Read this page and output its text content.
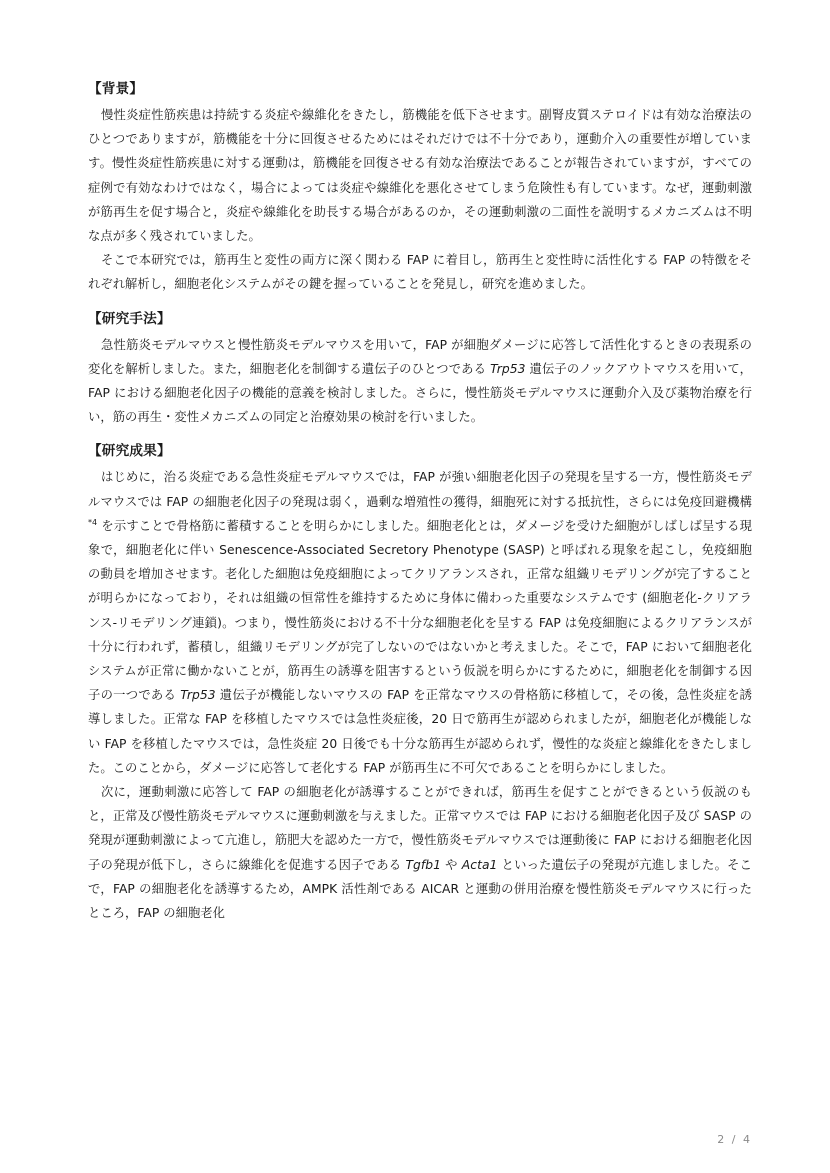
【背景】

慢性炎症性筋疾患は持続する炎症や線維化をきたし，筋機能を低下させます。副腎皮質ステロイドは有効な治療法のひとつでありますが，筋機能を十分に回復させるためにはそれだけでは不十分であり，運動介入の重要性が増しています。慢性炎症性筋疾患に対する運動は，筋機能を回復させる有効な治療法であることが報告されていますが，すべての症例で有効なわけではなく，場合によっては炎症や線維化を悪化させてしまう危険性も有しています。なぜ，運動刺激が筋再生を促す場合と，炎症や線維化を助長する場合があるのか，その運動刺激の二面性を説明するメカニズムは不明な点が多く残されていました。

そこで本研究では，筋再生と変性の両方に深く関わる FAP に着目し，筋再生と変性時に活性化する FAP の特徴をそれぞれ解析し，細胞老化システムがその鍵を握っていることを発見し，研究を進めました。

【研究手法】

急性筋炎モデルマウスと慢性筋炎モデルマウスを用いて，FAP が細胞ダメージに応答して活性化するときの表現系の変化を解析しました。また，細胞老化を制御する遺伝子のひとつである Trp53 遺伝子のノックアウトマウスを用いて，FAP における細胞老化因子の機能的意義を検討しました。さらに，慢性筋炎モデルマウスに運動介入及び薬物治療を行い，筋の再生・変性メカニズムの同定と治療効果の検討を行いました。

【研究成果】

はじめに，治る炎症である急性炎症モデルマウスでは，FAP が強い細胞老化因子の発現を呈する一方，慢性筋炎モデルマウスでは FAP の細胞老化因子の発現は弱く，過剰な増殖性の獲得，細胞死に対する抵抗性，さらには免疫回避機構$^{*4}$ を示すことで骨格筋に蓄積することを明らかにしました。細胞老化とは，ダメージを受けた細胞がしばしば呈する現象で，細胞老化に伴い Senescence-Associated Secretory Phenotype (SASP) と呼ばれる現象を起こし，免疫細胞の動員を増加させます。老化した細胞は免疫細胞によってクリアランスされ，正常な組織リモデリングが完了することが明らかになっており，それは組織の恒常性を維持するために身体に備わった重要なシステムです (細胞老化-クリアランス-リモデリング連鎖)。つまり，慢性筋炎における不十分な細胞老化を呈する FAP は免疫細胞によるクリアランスが十分に行われず，蓄積し，組織リモデリングが完了しないのではないかと考えました。そこで，FAP において細胞老化システムが正常に働かないことが，筋再生の誘導を阻害するという仮説を明らかにするために，細胞老化を制御する因子の一つである Trp53 遺伝子が機能しないマウスの FAP を正常なマウスの骨格筋に移植して，その後，急性炎症を誘導しました。正常な FAP を移植したマウスでは急性炎症後，20 日で筋再生が認められましたが，細胞老化が機能しない FAP を移植したマウスでは，急性炎症 20 日後でも十分な筋再生が認められず，慢性的な炎症と線維化をきたしました。このことから，ダメージに応答して老化する FAP が筋再生に不可欠であることを明らかにしました。

次に，運動刺激に応答して FAP の細胞老化が誘導することができれば，筋再生を促すことができるという仮説のもと，正常及び慢性筋炎モデルマウスに運動刺激を与えました。正常マウスでは FAP における細胞老化因子及び SASP の発現が運動刺激によって亢進し，筋肥大を認めた一方で，慢性筋炎モデルマウスでは運動後に FAP における細胞老化因子の発現が低下し，さらに線維化を促進する因子である Tgfb1 や Acta1 といった遺伝子の発現が亢進しました。そこで，FAP の細胞老化を誘導するため，AMPK 活性剤である AICAR と運動の併用治療を慢性筋炎モデルマウスに行ったところ，FAP の細胞老化

2 / 4
